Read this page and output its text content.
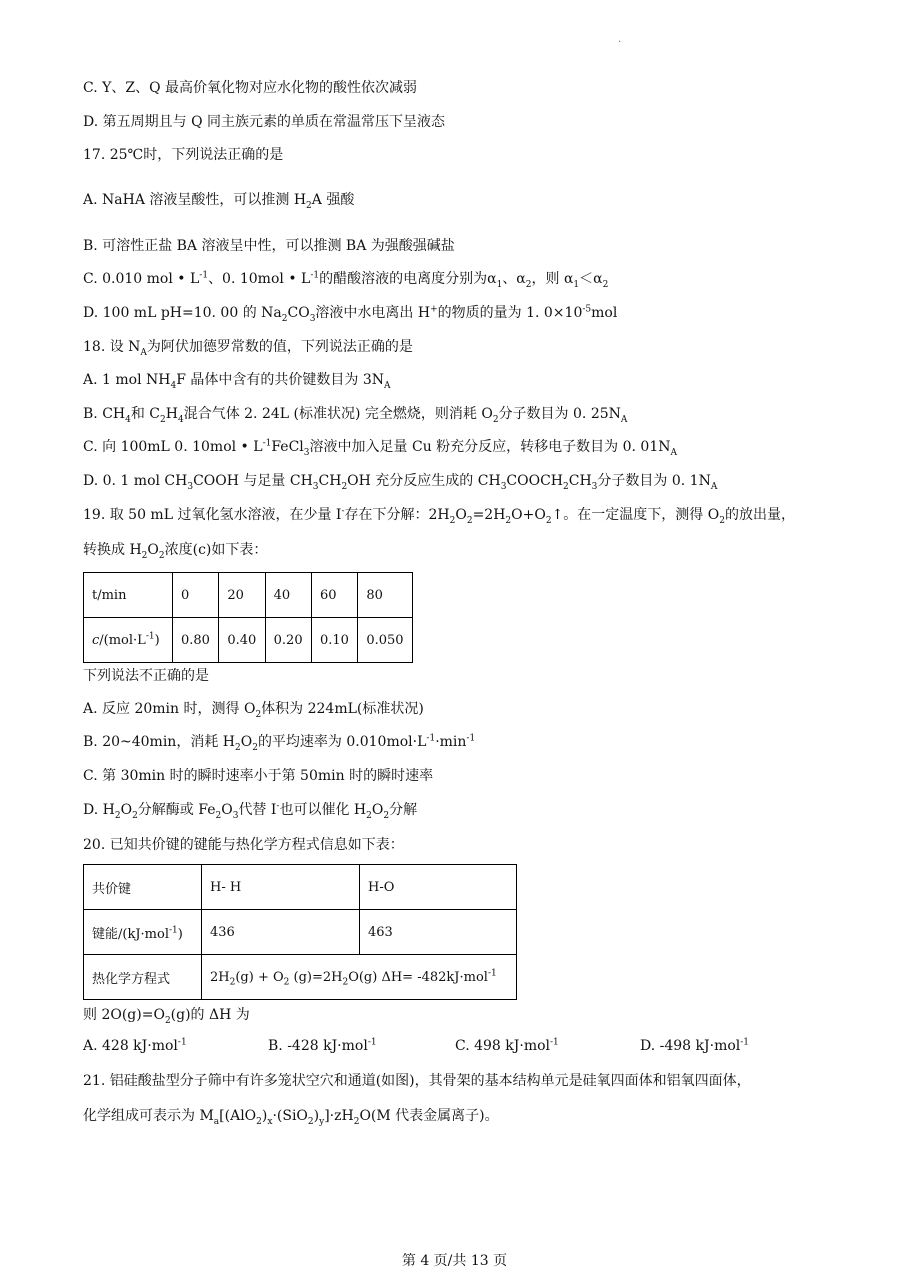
.
C. Y、Z、Q 最高价氧化物对应水化物的酸性依次减弱
D. 第五周期且与 Q 同主族元素的单质在常温常压下呈液态
17. 25℃时，下列说法正确的是
A. NaHA 溶液呈酸性，可以推测 $H_2A$ 强酸
B. 可溶性正盐 BA 溶液呈中性，可以推测 BA 为强酸强碱盐
C. 0.010 mol • $L^{-1}$、0. 10mol • $L^{-1}$的醋酸溶液的电离度分别为$\alpha_1$、$\alpha_2$，则 $\alpha_1<\alpha_2$
D. 100 mL pH=10. 00 的 $Na_2CO_3$溶液中水电离出 H+的物质的量为 1. $0\times 10^{-5}mol$
18. 设 $N_A$为阿伏加德罗常数的值，下列说法正确的是
A. 1 mol $NH_4F$ 晶体中含有的共价键数目为 $3N_A$
B. $CH_4$和 $C_2H_4$混合气体 2. 24L (标准状况) 完全燃烧，则消耗 $O_2$分子数目为 0. $25N_A$
C. 向 100mL 0. 10mol • $L^{-1}FeCl_3$溶液中加入足量 Cu 粉充分反应，转移电子数目为 0. $01N_A$
D. 0. 1 mol $CH_3COOH$ 与足量 $CH_3CH_2OH$ 充分反应生成的 $CH_3COOCH_2CH_3$分子数目为 0. $1N_A$
19. 取 50 mL 过氧化氢水溶液，在少量 I-存在下分解：$2H_2O_2=2H_2O+O_2↑$。在一定温度下，测得 $O_2$的放出量，
转换成 $H_2O_2$浓度(c)如下表：
t/min	0	20	40	60	80
$c/(mol\cdot L^{-1})$	0.80	0.40	0.20	0.10	0.050
下列说法不正确的是
A. 反应 20min 时，测得 $O_2$体积为 224mL(标准状况)
B. 20~40min，消耗 $H_2O_2$的平均速率为 $0.010mol\cdot L^{-1}\cdot\min^{-1}$
C. 第 30min 时的瞬时速率小于第 50min 时的瞬时速率
D. $H_2O_2$分解酶或 $Fe_2O_3$代替 I-也可以催化 $H_2O_2$分解
20. 已知共价键的键能与热化学方程式信息如下表：
共价键	H- H	H-O
键能/(kJ·mol$^{-1}$)	436	463
热化学方程式	$2H_2(g) + O_2$ $(g)=2H_2O(g)$ ΔH= -482kJ·mol$^{-1}$
则 $2O(g)=O_2(g)$的 ΔH 为
A. 428 kJ·mol$^{-1}$	B. -428 kJ·mol$^{-1}$	C. 498 kJ·mol$^{-1}$	D. -498 kJ·mol$^{-1}$
21. 铝硅酸盐型分子筛中有许多笼状空穴和通道(如图)，其骨架的基本结构单元是硅氧四面体和铝氧四面体，
化学组成可表示为 $M_a[(AlO_2)_x\cdot(SiO_2)_y]\cdot zH_2O(M$ 代表金属离子)。
第 4 页/共 13 页
